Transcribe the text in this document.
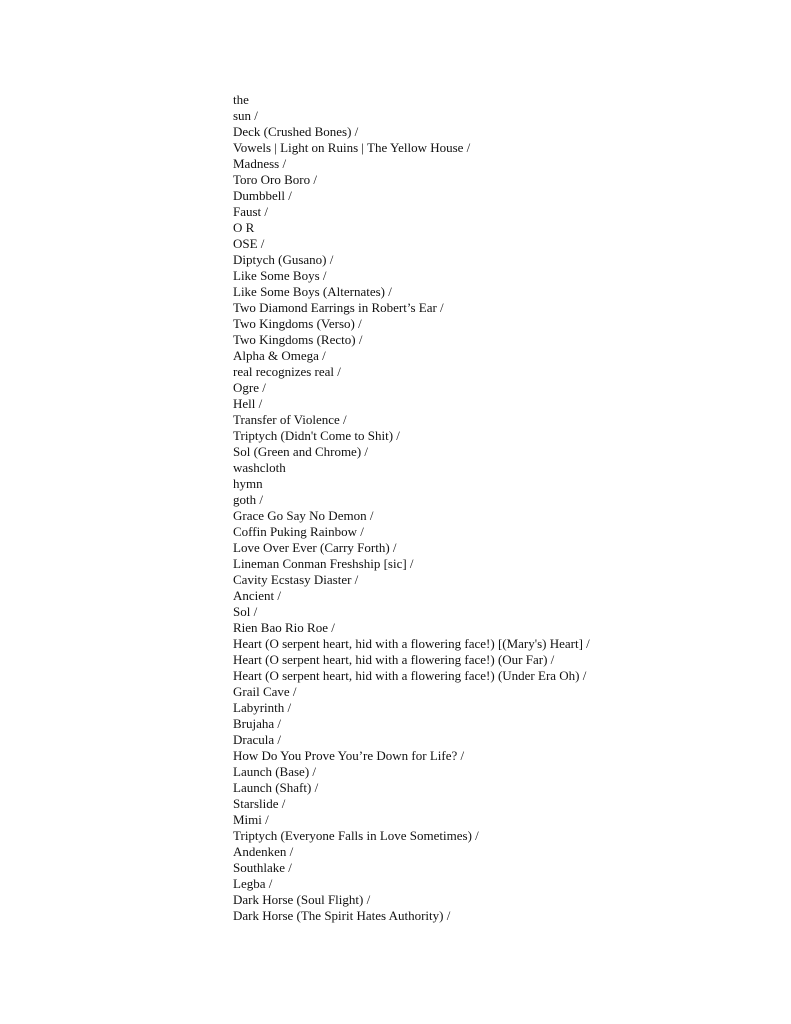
the
sun /
Deck (Crushed Bones) /
Vowels | Light on Ruins | The Yellow House /
Madness /
Toro Oro Boro /
Dumbbell /
Faust /
O R
OSE /
Diptych (Gusano) /
Like Some Boys /
Like Some Boys (Alternates) /
Two Diamond Earrings in Robert’s Ear /
Two Kingdoms (Verso) /
Two Kingdoms (Recto) /
Alpha & Omega /
real recognizes real /
Ogre /
Hell /
Transfer of Violence /
Triptych (Didn't Come to Shit) /
Sol (Green and Chrome) /
washcloth
hymn
goth /
Grace Go Say No Demon /
Coffin Puking Rainbow /
Love Over Ever (Carry Forth) /
Lineman Conman Freshship [sic] /
Cavity Ecstasy Diaster /
Ancient /
Sol /
Rien Bao Rio Roe /
Heart (O serpent heart, hid with a flowering face!) [(Mary's) Heart] /
Heart (O serpent heart, hid with a flowering face!) (Our Far) /
Heart (O serpent heart, hid with a flowering face!) (Under Era Oh) /
Grail Cave /
Labyrinth /
Brujaha /
Dracula /
How Do You Prove You’re Down for Life? /
Launch (Base) /
Launch (Shaft) /
Starslide /
Mimi /
Triptych (Everyone Falls in Love Sometimes) /
Andenken /
Southlake /
Legba /
Dark Horse (Soul Flight) /
Dark Horse (The Spirit Hates Authority) /
